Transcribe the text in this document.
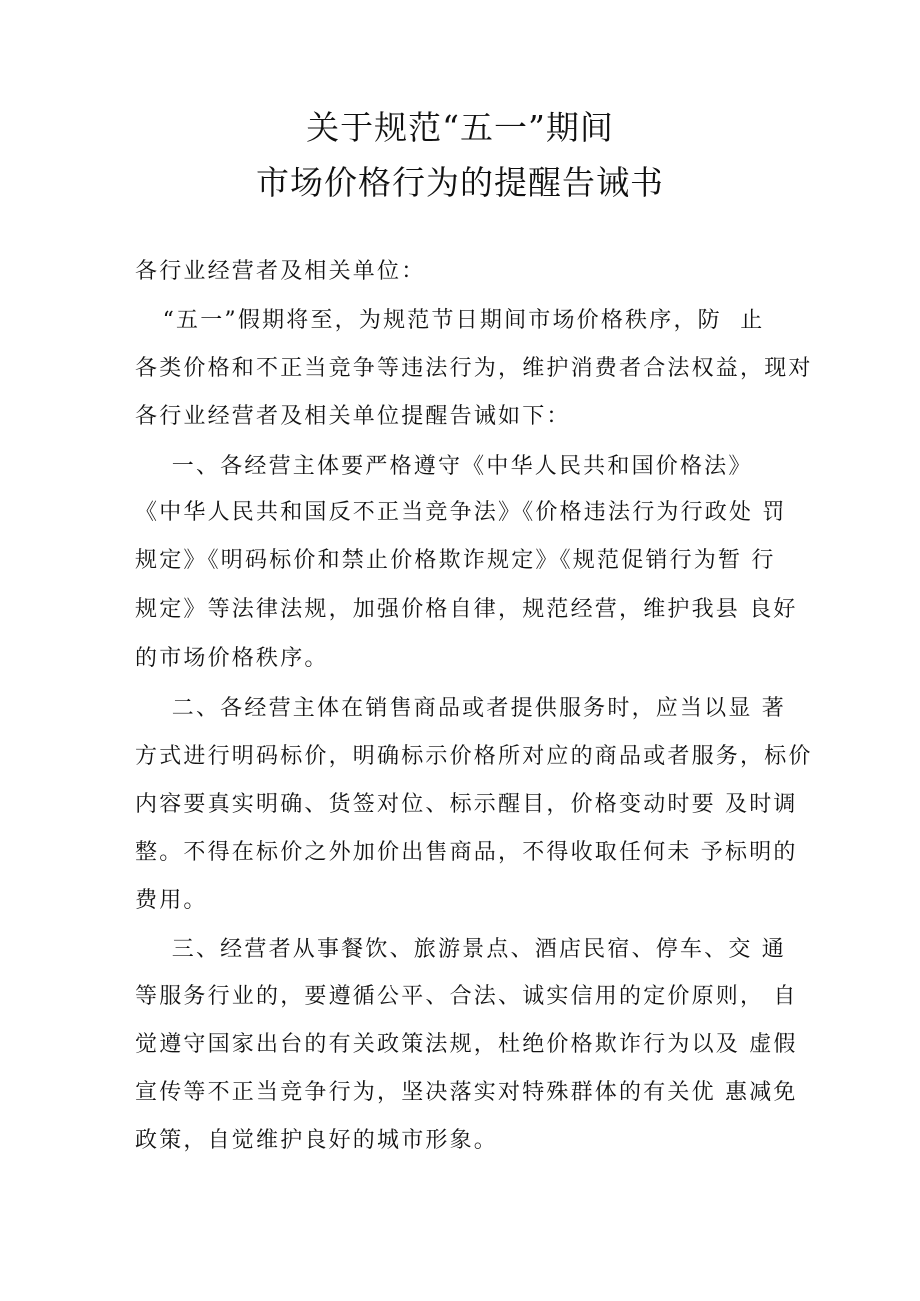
关于规范“五一”期间
市场价格行为的提醒告诫书

各行业经营者及相关单位：

“五一”假期将至，为规范节日期间市场价格秩序，防  止

各类价格和不正当竞争等违法行为，维护消费者合法权益，现对

各行业经营者及相关单位提醒告诫如下：

一、各经营主体要严格遵守《中华人民共和国价格法》

《中华人民共和国反不正当竞争法》《价格违法行为行政处 罚

规定》《明码标价和禁止价格欺诈规定》《规范促销行为暂 行

规定》等法律法规，加强价格自律，规范经营，维护我县 良好

的市场价格秩序。

二、各经营主体在销售商品或者提供服务时，应当以显 著

方式进行明码标价，明确标示价格所对应的商品或者服务，标价

内容要真实明确、货签对位、标示醒目，价格变动时要 及时调

整。不得在标价之外加价出售商品，不得收取任何未 予标明的

费用。

三、经营者从事餐饮、旅游景点、酒店民宿、停车、交 通

等服务行业的，要遵循公平、合法、诚实信用的定价原则， 自

觉遵守国家出台的有关政策法规，杜绝价格欺诈行为以及 虚假

宣传等不正当竞争行为，坚决落实对特殊群体的有关优 惠减免

政策，自觉维护良好的城市形象。
